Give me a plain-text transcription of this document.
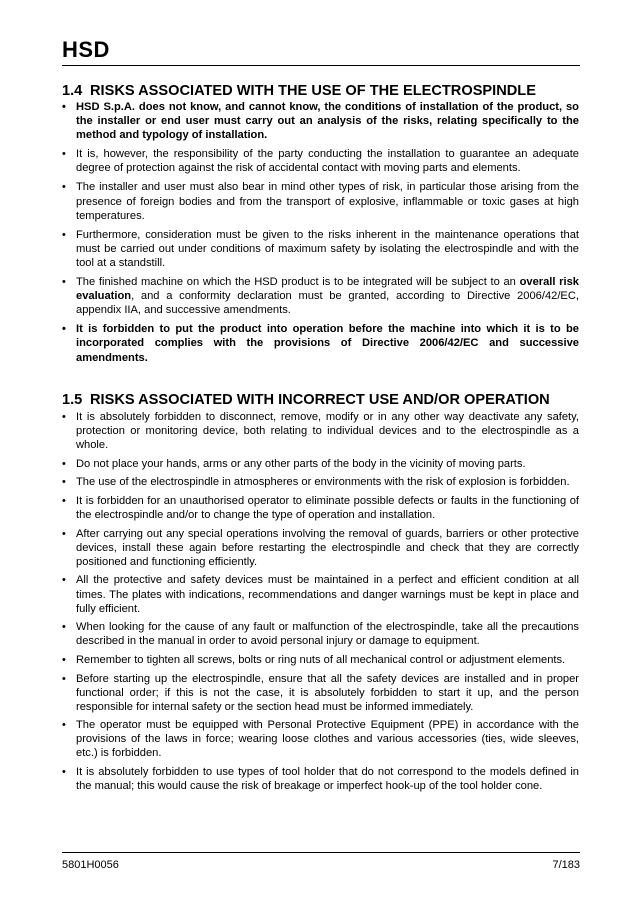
HSD
1.4 RISKS ASSOCIATED WITH THE USE OF THE ELECTROSPINDLE
• HSD S.p.A. does not know, and cannot know, the conditions of installation of the product, so the installer or end user must carry out an analysis of the risks, relating specifically to the method and typology of installation.
• It is, however, the responsibility of the party conducting the installation to guarantee an adequate degree of protection against the risk of accidental contact with moving parts and elements.
• The installer and user must also bear in mind other types of risk, in particular those arising from the presence of foreign bodies and from the transport of explosive, inflammable or toxic gases at high temperatures.
• Furthermore, consideration must be given to the risks inherent in the maintenance operations that must be carried out under conditions of maximum safety by isolating the electrospindle and with the tool at a standstill.
• The finished machine on which the HSD product is to be integrated will be subject to an overall risk evaluation, and a conformity declaration must be granted, according to Directive 2006/42/EC, appendix IIA, and successive amendments.
• It is forbidden to put the product into operation before the machine into which it is to be incorporated complies with the provisions of Directive 2006/42/EC and successive amendments.
1.5 RISKS ASSOCIATED WITH INCORRECT USE AND/OR OPERATION
• It is absolutely forbidden to disconnect, remove, modify or in any other way deactivate any safety, protection or monitoring device, both relating to individual devices and to the electrospindle as a whole.
• Do not place your hands, arms or any other parts of the body in the vicinity of moving parts.
• The use of the electrospindle in atmospheres or environments with the risk of explosion is forbidden.
• It is forbidden for an unauthorised operator to eliminate possible defects or faults in the functioning of the electrospindle and/or to change the type of operation and installation.
• After carrying out any special operations involving the removal of guards, barriers or other protective devices, install these again before restarting the electrospindle and check that they are correctly positioned and functioning efficiently.
• All the protective and safety devices must be maintained in a perfect and efficient condition at all times. The plates with indications, recommendations and danger warnings must be kept in place and fully efficient.
• When looking for the cause of any fault or malfunction of the electrospindle, take all the precautions described in the manual in order to avoid personal injury or damage to equipment.
• Remember to tighten all screws, bolts or ring nuts of all mechanical control or adjustment elements.
• Before starting up the electrospindle, ensure that all the safety devices are installed and in proper functional order; if this is not the case, it is absolutely forbidden to start it up, and the person responsible for internal safety or the section head must be informed immediately.
• The operator must be equipped with Personal Protective Equipment (PPE) in accordance with the provisions of the laws in force; wearing loose clothes and various accessories (ties, wide sleeves, etc.) is forbidden.
• It is absolutely forbidden to use types of tool holder that do not correspond to the models defined in the manual; this would cause the risk of breakage or imperfect hook-up of the tool holder cone.
5801H0056	7/183
